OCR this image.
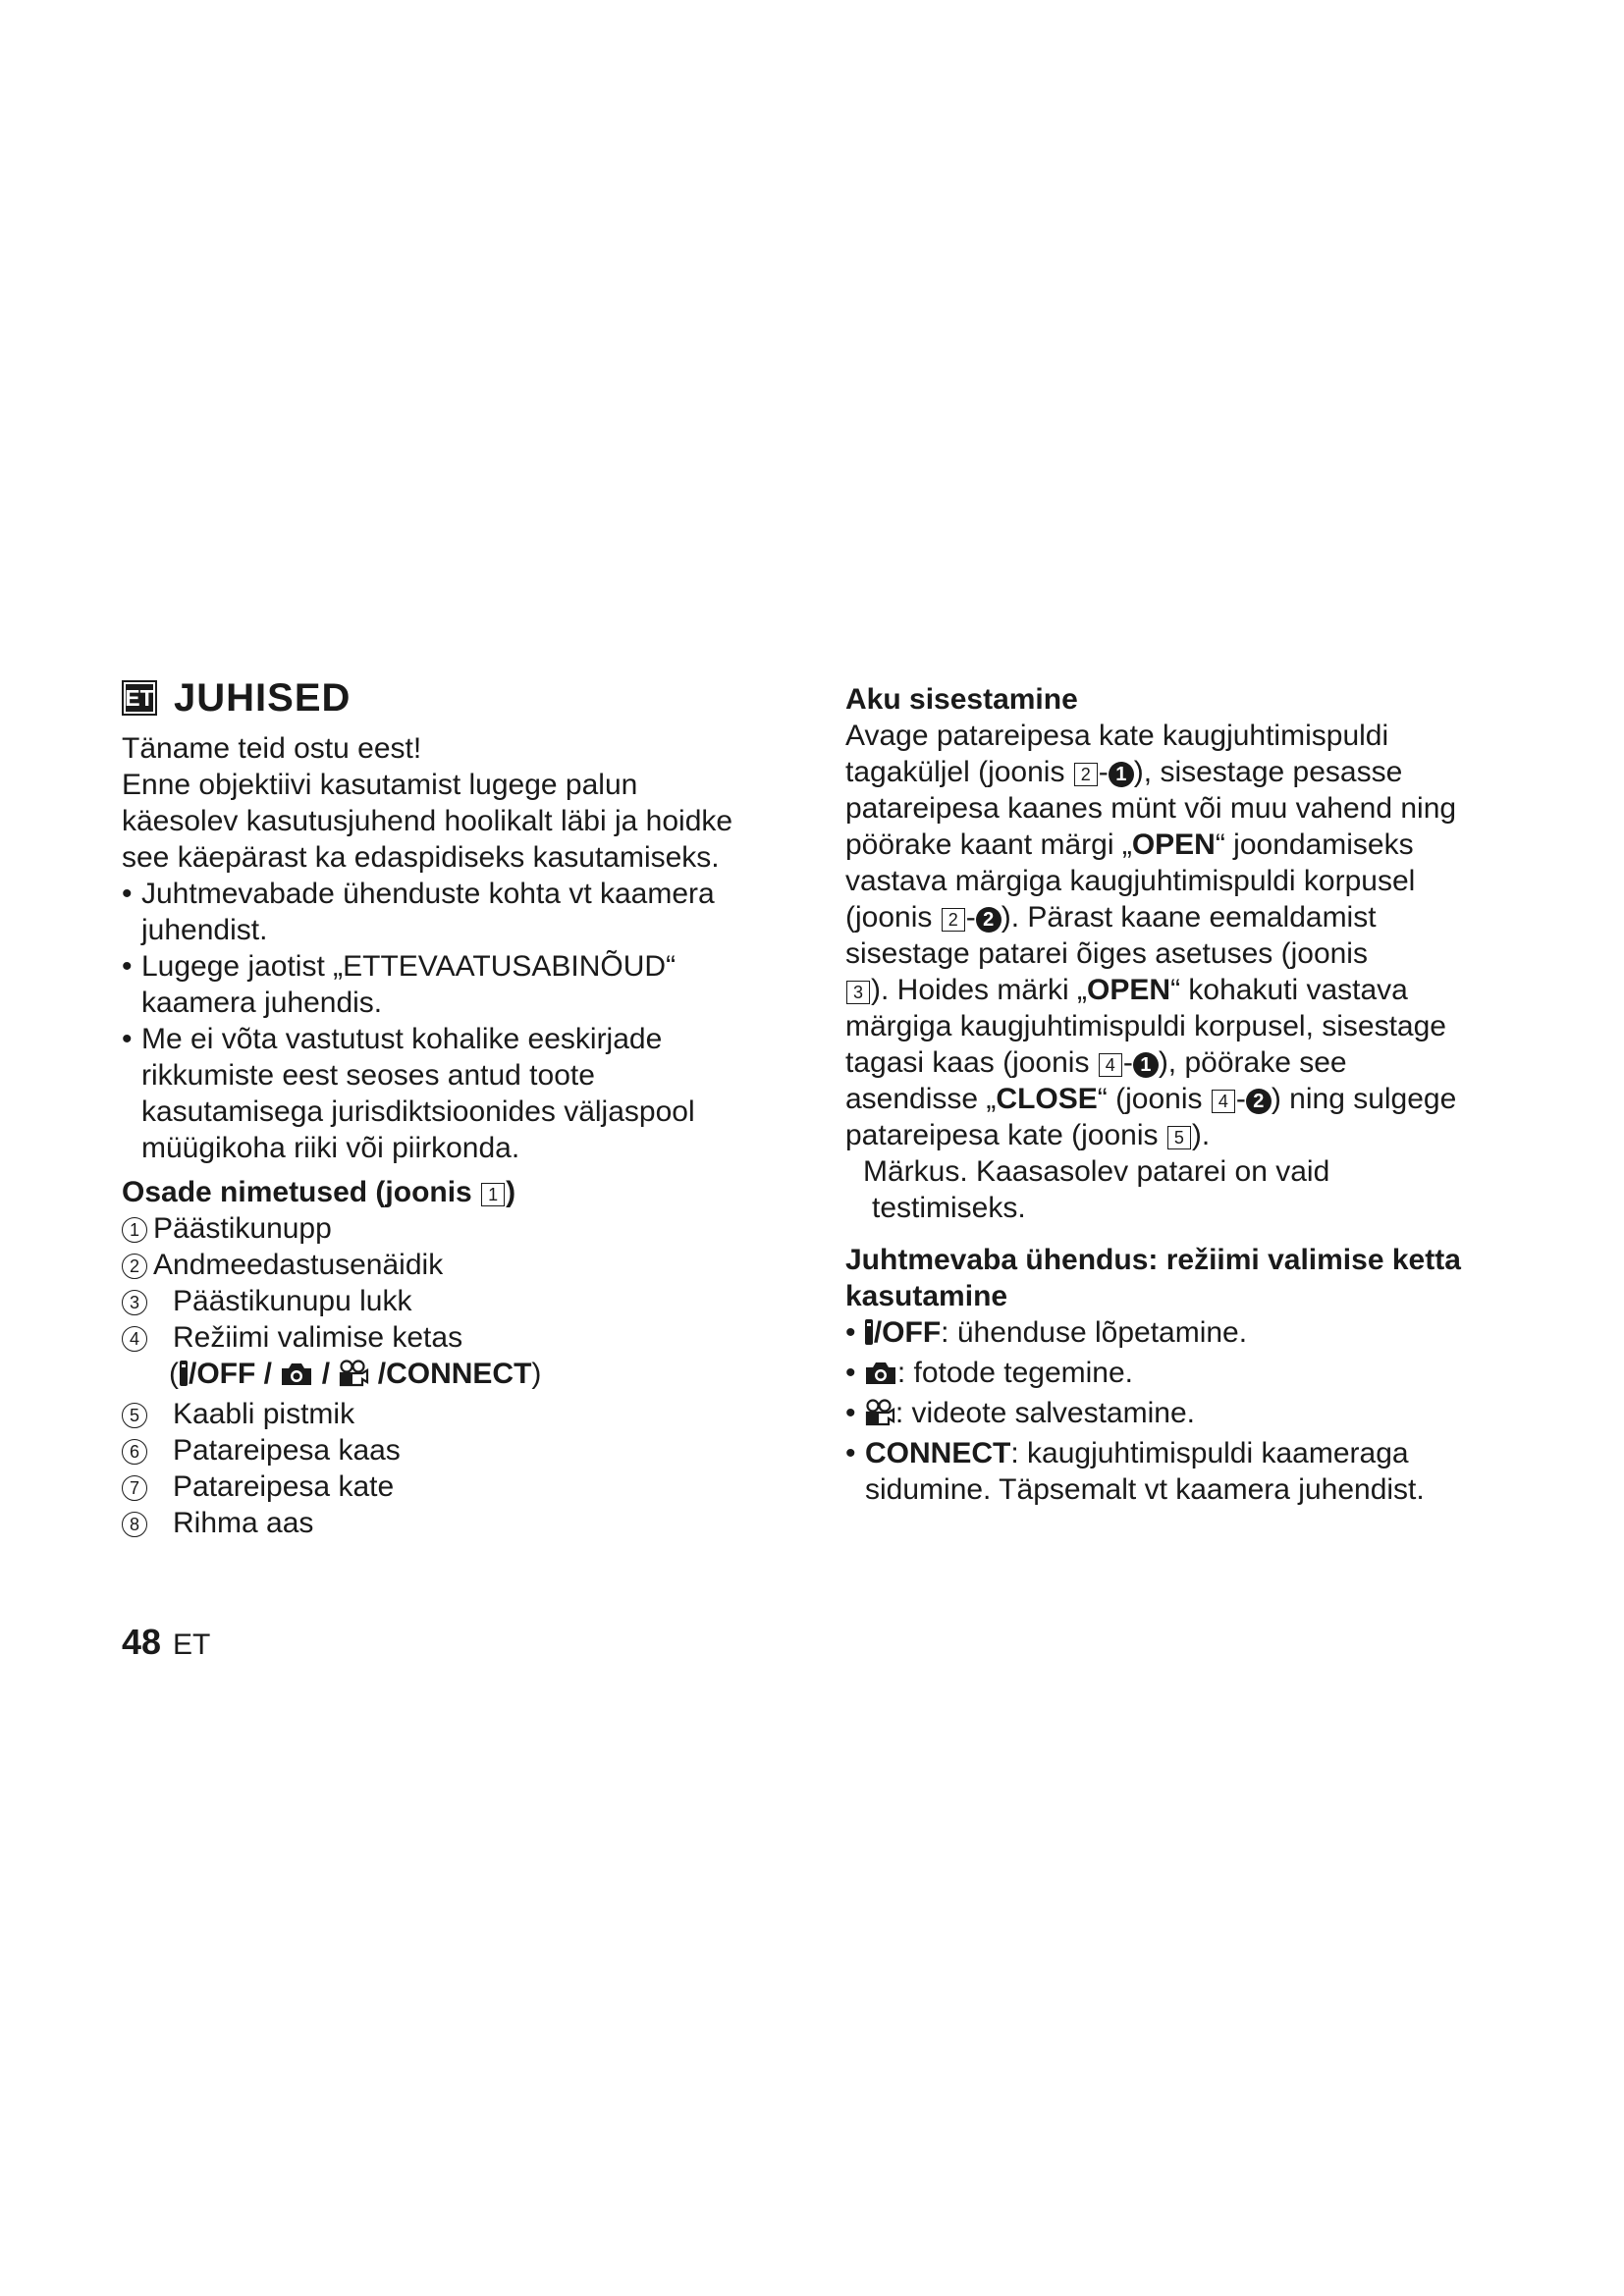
ET JUHISED
Täname teid ostu eest!
Enne objektiivi kasutamist lugege palun
käesolev kasutusjuhend hoolikalt läbi ja hoidke
see käepärast ka edaspidiseks kasutamiseks.
• Juhtmevabade ühenduste kohta vt kaamera
juhendist.
• Lugege jaotist „ETTEVAATUSABINÕUD“
kaamera juhendis.
• Me ei võta vastutust kohalike eeskirjade
rikkumiste eest seoses antud toote
kasutamisega jurisdiktsioonides väljaspool
müügikoha riiki või piirkonda.
Osade nimetused (joonis 1 )
1 Päästikunupp
2 Andmeedastusenäidik
3 Päästikunupu lukk
4 Režiimi valimise ketas
( /OFF / / /CONNECT)
5 Kaabli pistmik
6 Patareipesa kaas
7 Patareipesa kate
8 Rihma aas
Aku sisestamine
Avage patareipesa kate kaugjuhtimispuldi
tagaküljel (joonis 2 - 1 ), sisestage pesasse
patareipesa kaanes münt või muu vahend ning
pöörake kaant märgi „OPEN“ joondamiseks
vastava märgiga kaugjuhtimispuldi korpusel
(joonis 2 - 2 ). Pärast kaane eemaldamist
sisestage patarei õiges asetuses (joonis
3 ). Hoides märki „OPEN“ kohakuti vastava
märgiga kaugjuhtimispuldi korpusel, sisestage
tagasi kaas (joonis 4 - 1 ), pöörake see
asendisse „CLOSE“ (joonis 4 - 2 ) ning sulgege
patareipesa kate (joonis 5 ).
Märkus. Kaasasolev patarei on vaid
testimiseks.
Juhtmevaba ühendus: režiimi valimise ketta
kasutamine
• /OFF: ühenduse lõpetamine.
• : fotode tegemine.
• : videote salvestamine.
• CONNECT: kaugjuhtimispuldi kaameraga
sidumine. Täpsemalt vt kaamera juhendist.
48 ET
